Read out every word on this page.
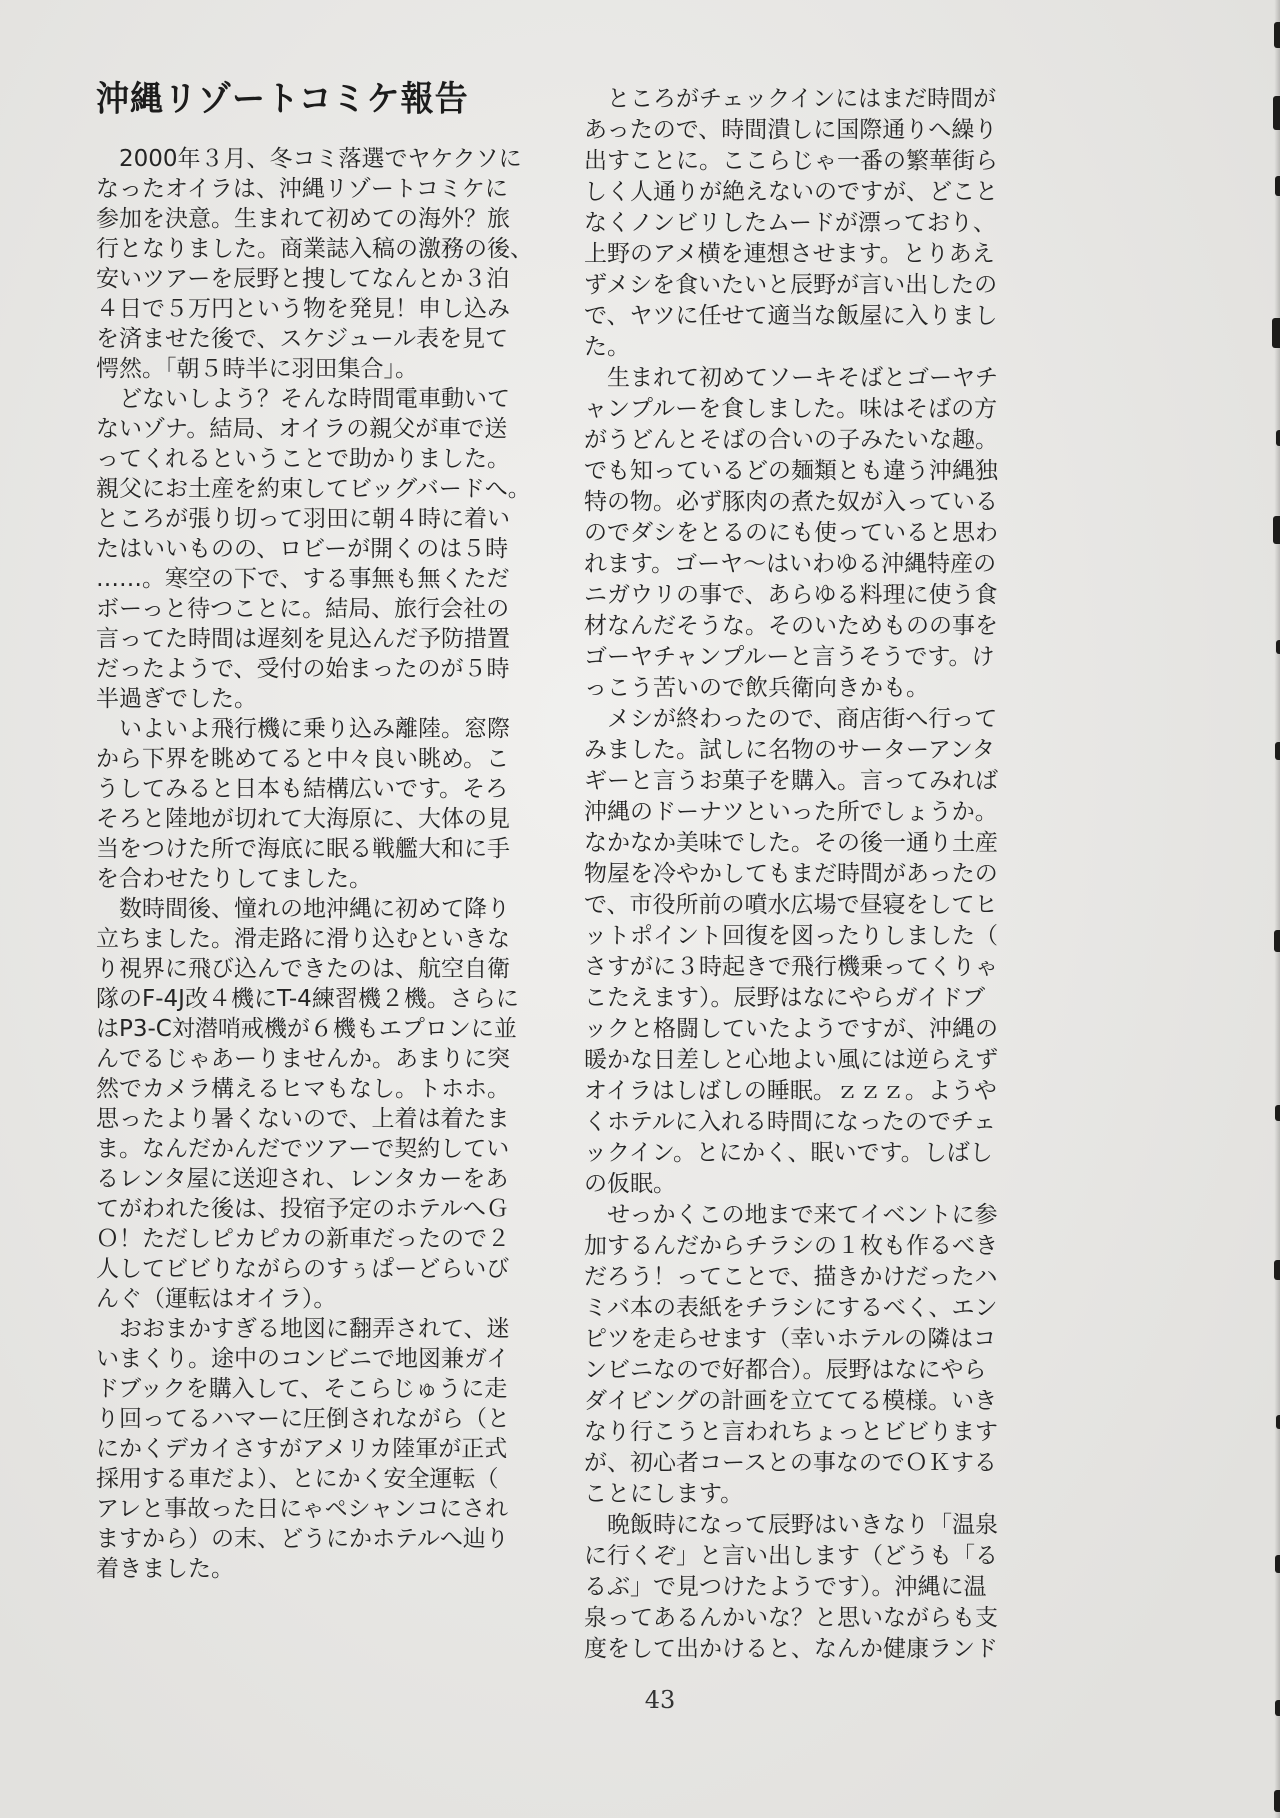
沖縄リゾートコミケ報告
　2000年３月、冬コミ落選でヤケクソに
なったオイラは、沖縄リゾートコミケに
参加を決意。生まれて初めての海外？旅
行となりました。商業誌入稿の激務の後、
安いツアーを辰野と捜してなんとか３泊
４日で５万円という物を発見！申し込み
を済ませた後で、スケジュール表を見て
愕然。「朝５時半に羽田集合」。
　どないしよう？そんな時間電車動いて
ないゾナ。結局、オイラの親父が車で送
ってくれるということで助かりました。
親父にお土産を約束してビッグバードへ。
ところが張り切って羽田に朝４時に着い
たはいいものの、ロビーが開くのは５時
……。寒空の下で、する事無も無くただ
ボーっと待つことに。結局、旅行会社の
言ってた時間は遅刻を見込んだ予防措置
だったようで、受付の始まったのが５時
半過ぎでした。
　いよいよ飛行機に乗り込み離陸。窓際
から下界を眺めてると中々良い眺め。こ
うしてみると日本も結構広いです。そろ
そろと陸地が切れて大海原に、大体の見
当をつけた所で海底に眠る戦艦大和に手
を合わせたりしてました。
　数時間後、憧れの地沖縄に初めて降り
立ちました。滑走路に滑り込むといきな
り視界に飛び込んできたのは、航空自衛
隊のF-4J改４機にT-4練習機２機。さらに
はP3-C対潜哨戒機が６機もエプロンに並
んでるじゃあーりませんか。あまりに突
然でカメラ構えるヒマもなし。トホホ。
思ったより暑くないので、上着は着たま
ま。なんだかんだでツアーで契約してい
るレンタ屋に送迎され、レンタカーをあ
てがわれた後は、投宿予定のホテルへＧ
Ｏ！ただしピカピカの新車だったので２
人してビビりながらのすぅぱーどらいび
んぐ（運転はオイラ）。
　おおまかすぎる地図に翻弄されて、迷
いまくり。途中のコンビニで地図兼ガイ
ドブックを購入して、そこらじゅうに走
り回ってるハマーに圧倒されながら（と
にかくデカイさすがアメリカ陸軍が正式
採用する車だよ）、とにかく安全運転（
アレと事故った日にゃペシャンコにされ
ますから）の末、どうにかホテルへ辿り
着きました。
　ところがチェックインにはまだ時間が
あったので、時間潰しに国際通りへ繰り
出すことに。ここらじゃ一番の繁華街ら
しく人通りが絶えないのですが、どこと
なくノンビリしたムードが漂っており、
上野のアメ横を連想させます。とりあえ
ずメシを食いたいと辰野が言い出したの
で、ヤツに任せて適当な飯屋に入りまし
た。
　生まれて初めてソーキそばとゴーヤチ
ャンプルーを食しました。味はそばの方
がうどんとそばの合いの子みたいな趣。
でも知っているどの麺類とも違う沖縄独
特の物。必ず豚肉の煮た奴が入っている
のでダシをとるのにも使っていると思わ
れます。ゴーヤ～はいわゆる沖縄特産の
ニガウリの事で、あらゆる料理に使う食
材なんだそうな。そのいためものの事を
ゴーヤチャンプルーと言うそうです。け
っこう苦いので飲兵衛向きかも。
　メシが終わったので、商店街へ行って
みました。試しに名物のサーターアンタ
ギーと言うお菓子を購入。言ってみれば
沖縄のドーナツといった所でしょうか。
なかなか美味でした。その後一通り土産
物屋を冷やかしてもまだ時間があったの
で、市役所前の噴水広場で昼寝をしてヒ
ットポイント回復を図ったりしました（
さすがに３時起きで飛行機乗ってくりゃ
こたえます）。辰野はなにやらガイドブ
ックと格闘していたようですが、沖縄の
暖かな日差しと心地よい風には逆らえず
オイラはしばしの睡眠。ｚｚｚ。ようや
くホテルに入れる時間になったのでチェ
ックイン。とにかく、眠いです。しばし
の仮眠。
　せっかくこの地まで来てイベントに参
加するんだからチラシの１枚も作るべき
だろう！ってことで、描きかけだったハ
ミバ本の表紙をチラシにするべく、エン
ピツを走らせます（幸いホテルの隣はコ
ンビニなので好都合）。辰野はなにやら
ダイビングの計画を立ててる模様。いき
なり行こうと言われちょっとビビります
が、初心者コースとの事なのでＯＫする
ことにします。
　晩飯時になって辰野はいきなり「温泉
に行くぞ」と言い出します（どうも「る
るぶ」で見つけたようです）。沖縄に温
泉ってあるんかいな？と思いながらも支
度をして出かけると、なんか健康ランド
43
